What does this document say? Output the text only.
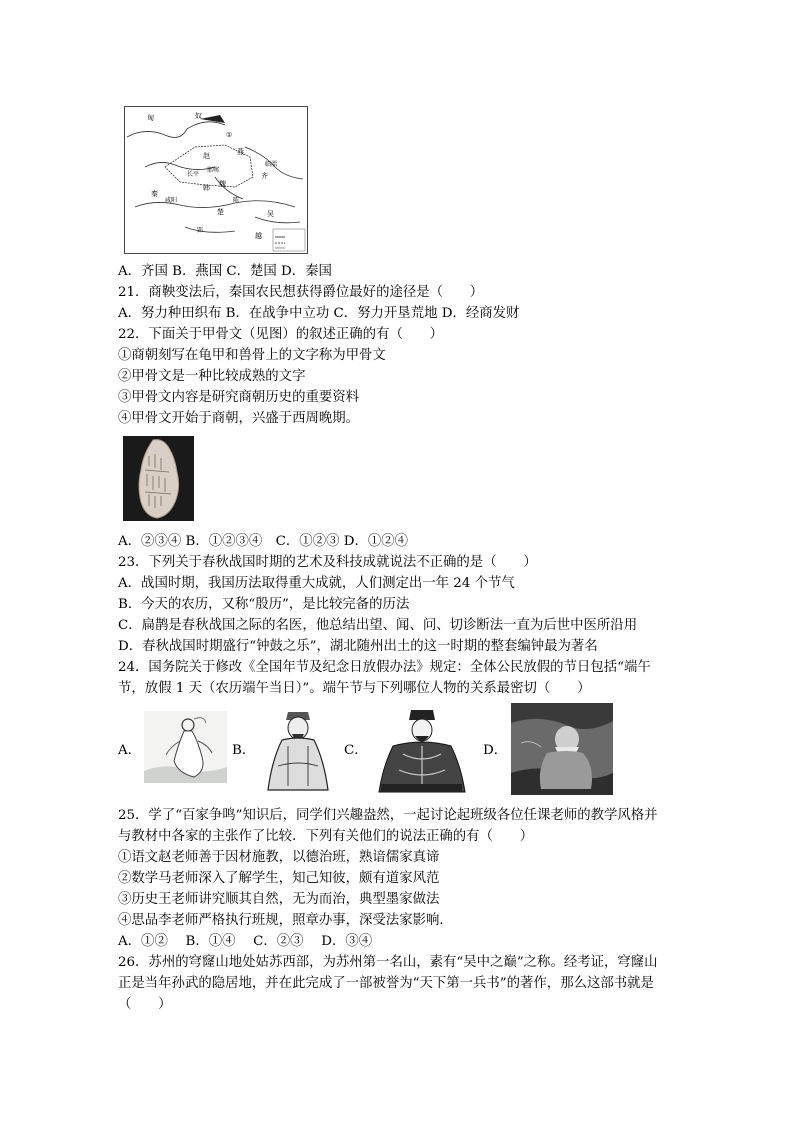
匈	奴
①
赵	燕
邯郸
长平
咸阳
齐
秦
韩 魏
临淄
楚
陈
郢
吴
越
A．齐国 B．燕国 C．楚国 D．秦国
21．商鞅变法后，秦国农民想获得爵位最好的途径是（　　）
A．努力种田织布 B．在战争中立功 C．努力开垦荒地 D．经商发财
22．下面关于甲骨文（见图）的叙述正确的有（　　）
①商朝刻写在龟甲和兽骨上的文字称为甲骨文
②甲骨文是一种比较成熟的文字
③甲骨文内容是研究商朝历史的重要资料
④甲骨文开始于商朝，兴盛于西周晚期。
A．②③④ B．①②③④　C．①②③ D．①②④
23．下列关于春秋战国时期的艺术及科技成就说法不正确的是（　　）
A．战国时期，我国历法取得重大成就，人们测定出一年 24 个节气
B．今天的农历，又称“殷历”，是比较完备的历法
C．扁鹊是春秋战国之际的名医，他总结出望、闻、问、切诊断法一直为后世中医所沿用
D．春秋战国时期盛行“钟鼓之乐”，湖北随州出土的这一时期的整套编钟最为著名
24．国务院关于修改《全国年节及纪念日放假办法》规定：全体公民放假的节日包括“端午
节，放假 1 天（农历端午当日）”。端午节与下列哪位人物的关系最密切（　　）
A．	B．	C．	D．
25．学了“百家争鸣”知识后，同学们兴趣盎然，一起讨论起班级各位任课老师的教学风格并
与教材中各家的主张作了比较．下列有关他们的说法正确的有（　　）
①语文赵老师善于因材施教，以德治班，熟谙儒家真谛
②数学马老师深入了解学生，知己知彼，颇有道家风范
③历史王老师讲究顺其自然，无为而治，典型墨家做法
④思品李老师严格执行班规，照章办事，深受法家影响．
A．①②　 B．①④　 C．②③　 D．③④
26．苏州的穹窿山地处姑苏西部，为苏州第一名山，素有“吴中之巅”之称。经考证，穹窿山
正是当年孙武的隐居地，并在此完成了一部被誉为“天下第一兵书”的著作，那么这部书就是
（　　）
